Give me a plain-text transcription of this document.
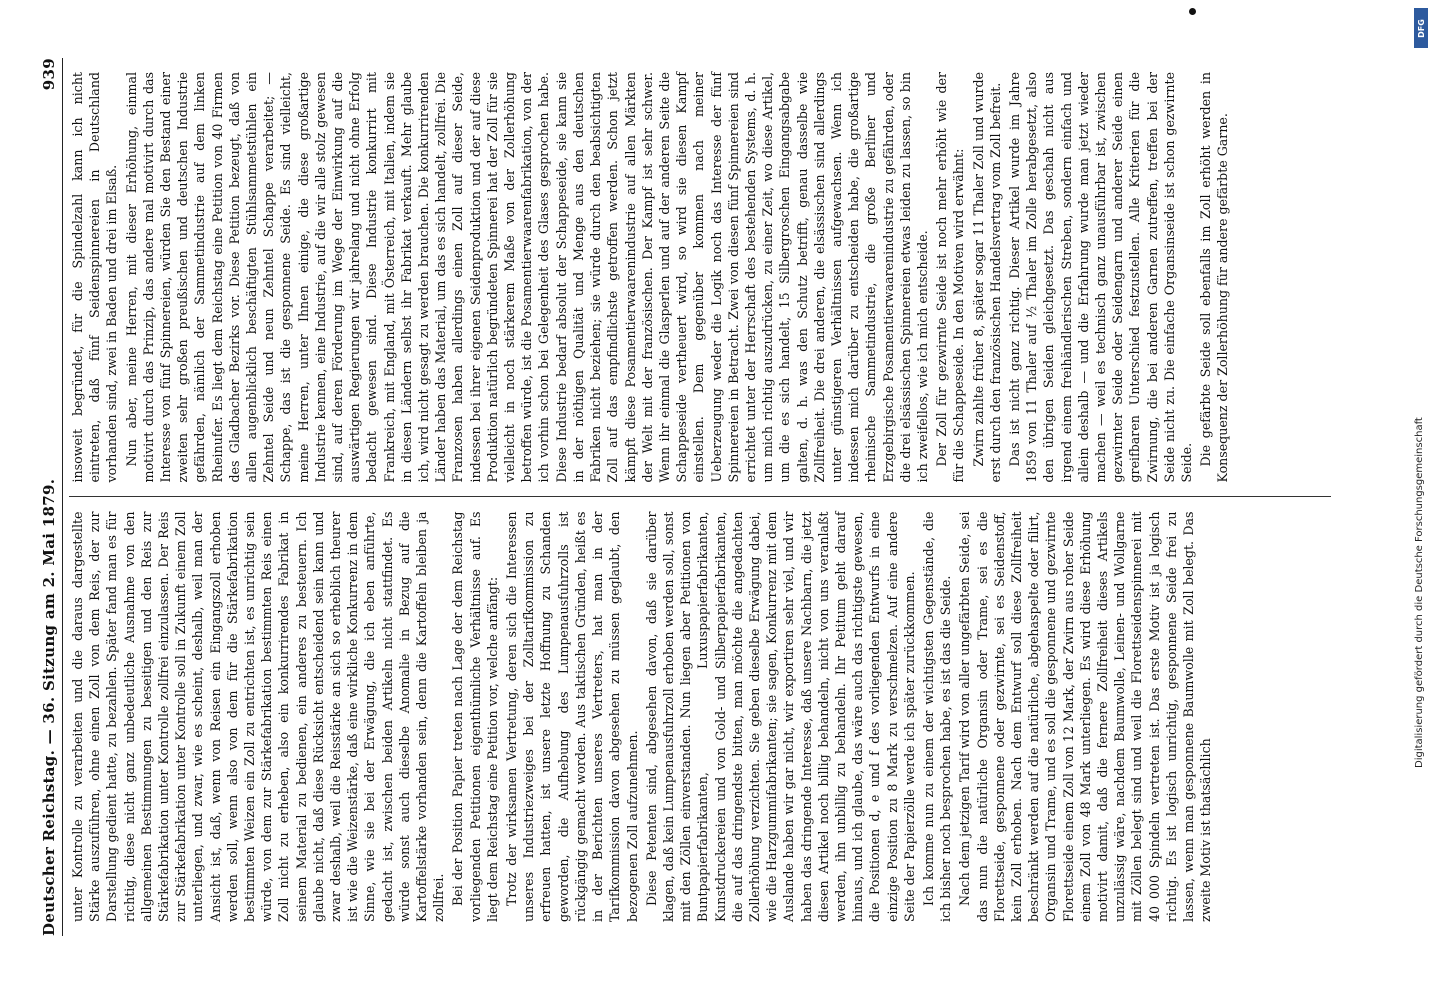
Deutscher Reichstag. — 36. Sitzung am 2. Mai 1879.
939

unter Kontrolle zu verarbeiten und die daraus dargestellte Stärke auszuführen, ohne einen Zoll von dem Reis, der zur Darstellung gedient hatte, zu bezahlen. Später fand man es für richtig, diese nicht ganz unbedeutliche Ausnahme von den allgemeinen Bestimmungen zu beseitigen und den Reis zur Stärkefabrikation unter Kontrolle zollfrei einzulassen. Der Reis zur Stärkefabrikation unter Kontrolle soll in Zukunft einem Zoll unterliegen, und zwar, wie es scheint, deshalb, weil man der Ansicht ist, daß, wenn von Reisen ein Eingangszoll erhoben werden soll, wenn also von dem für die Stärkefabrikation bestimmten Weizen ein Zoll zu entrichten ist, es unrichtig sein würde, von dem zur Stärkefabrikation bestimmten Reis einen Zoll nicht zu erheben, also ein konkurrirendes Fabrikat in seinem Material zu bedienen, ein anderes zu besteuern. Ich glaube nicht, daß diese Rücksicht entscheidend sein kann und zwar deshalb, weil die Reisstärke an sich so erheblich theurer ist wie die Weizenstärke, daß eine wirkliche Konkurrenz in dem Sinne, wie sie bei der Erwägung, die ich eben anführte, gedacht ist, zwischen beiden Artikeln nicht stattfindet. Es würde sonst auch dieselbe Anomalie in Bezug auf die Kartoffelstärke vorhanden sein, denn die Kartoffeln bleiben ja zollfrei. Bei der Position Papier treten nach Lage der dem Reichstag vorliegenden Petitionen eigenthümliche Verhältnisse auf. Es liegt dem Reichstag eine Petition vor, welche anfängt: Trotz der wirksamen Vertretung, deren sich die Interessen unseres Industriezweiges bei der Zolltarifkommission zu erfreuen hatten, ist unsere letzte Hoffnung zu Schanden geworden, die Aufhebung des Lumpenausfuhrzolls ist rückgängig gemacht worden. Aus taktischen Gründen, heißt es in der Berichten unseres Vertreters, hat man in der Tarifkommission davon abgesehen zu müssen geglaubt, den bezogenen Zoll aufzunehmen. Diese Petenten sind, abgesehen davon, daß sie darüber klagen, daß kein Lumpenausfuhrzoll erhoben werden soll, sonst mit den Zöllen einverstanden. Nun liegen aber Petitionen von Buntpapierfabrikanten, Luxuspapierfabrikanten, Kunstdruckereien und von Gold- und Silberpapierfabrikanten, die auf das dringendste bitten, man möchte die angedachten Zollerhöhung verzichten. Sie geben dieselbe Erwägung dabei, wie die Harzgummifabrikanten; sie sagen, Konkurrenz mit dem Auslande haben wir gar nicht, wir exportiren sehr viel, und wir haben das dringende Interesse, daß unsere Nachbarn, die jetzt diesen Artikel noch billig behandeln, nicht von uns veranlaßt werden, ihn unbillig zu behandeln. Ihr Petitum geht darauf hinaus, und ich glaube, das wäre auch das richtigste gewesen, die Positionen d, e und f des vorliegenden Entwurfs in eine einzige Position zu 8 Mark zu verschmelzen. Auf eine andere Seite der Papierzölle werde ich später zurückkommen. Ich komme nun zu einem der wichtigsten Gegenstände, die ich bisher noch besprochen habe, es ist das die Seide. Nach dem jetzigen Tarif wird von aller ungefärbten Seide, sei das nun die natürliche Organsin oder Trame, sei es die Florettseide, gesponnene oder gezwirnte, sei es Seidenstoff, kein Zoll erhoben. Nach dem Entwurf soll diese Zollfreiheit beschränkt werden auf die natürliche, abgehaspelte oder filirt, Organsin und Trame, und es soll die gesponnene und gezwirnte Florettseide einem Zoll von 12 Mark, der Zwirn aus roher Seide einem Zoll von 48 Mark unterliegen. Es wird diese Erhöhung motivirt damit, daß die fernere Zollfreiheit dieses Artikels unzulässig wäre, nachdem Baumwolle, Leinen- und Wollgarne mit Zöllen belegt sind und weil die Florettseidenspinnerei mit 40 000 Spindeln vertreten ist. Das erste Motiv ist ja logisch richtig. Es ist logisch unrichtig, gesponnene Seide frei zu lassen, wenn man gesponnene Baumwolle mit Zoll belegt. Das zweite Motiv ist thatsächlich

insoweit begründet, für die Spindelzahl kann ich nicht eintreten, daß fünf Seidenspinnereien in Deutschland vorhanden sind, zwei in Baden und drei im Elsaß. Nun aber, meine Herren, mit dieser Erhöhung, einmal motivirt durch das Prinzip, das andere mal motivirt durch das Interesse von fünf Spinnereien, würden Sie den Bestand einer zweiten sehr großen preußischen und deutschen Industrie gefährden, nämlich der Sammetindustrie auf dem linken Rheinufer. Es liegt dem Reichstag eine Petition von 40 Firmen des Gladbacher Bezirks vor. Diese Petition bezeugt, daß von allen augenblicklich beschäftigten Stühlsammetstühlen ein Zehntel Seide und neun Zehntel Schappe verarbeitet; — Schappe, das ist die gesponnene Seide. Es sind vielleicht, meine Herren, unter Ihnen einige, die diese großartige Industrie kennen, eine Industrie, auf die wir alle stolz gewesen sind, auf deren Förderung im Wege der Einwirkung auf die auswärtigen Regierungen wir jahrelang und nicht ohne Erfolg bedacht gewesen sind. Diese Industrie konkurrirt mit Frankreich, mit England, mit Österreich, mit Italien, indem sie in diesen Ländern selbst ihr Fabrikat verkauft. Mehr glaube ich, wird nicht gesagt zu werden brauchen. Die konkurrirenden Länder haben das Material, um das es sich handelt, zollfrei. Die Franzosen haben allerdings einen Zoll auf dieser Seide, indessen bei ihrer eigenen Seidenproduktion und der auf diese Produktion natürlich begründeten Spinnerei hat der Zoll für sie vielleicht in noch stärkerem Maße von der Zollerhöhung betroffen würde, ist die Posamentierwaarenfabrikation, von der ich vorhin schon bei Gelegenheit des Glases gesprochen habe. Diese Industrie bedarf absolut der Schappeseide, sie kann sie in der nöthigen Qualität und Menge aus den deutschen Fabriken nicht beziehen; sie würde durch den beabsichtigten Zoll auf das empfindlichste getroffen werden. Schon jetzt kämpft diese Posamentierwaarenindustrie auf allen Märkten der Welt mit der französischen. Der Kampf ist sehr schwer. Wenn ihr einmal die Glasperlen und auf der anderen Seite die Schappeseide vertheuert wird, so wird sie diesen Kampf einstellen. Dem gegenüber kommen nach meiner Ueberzeugung weder die Logik noch das Interesse der fünf Spinnereien in Betracht. Zwei von diesen fünf Spinnereien sind errichtet unter der Herrschaft des bestehenden Systems, d. h. um mich richtig auszudrücken, zu einer Zeit, wo diese Artikel, um die es sich handelt, 15 Silbergroschen Eingangsabgabe galten, d. h. was den Schutz betrifft, genau dasselbe wie Zollfreiheit. Die drei anderen, die elsässischen sind allerdings unter günstigeren Verhältnissen aufgewachsen. Wenn ich indessen mich darüber zu entscheiden habe, die großartige rheinische Sammetindustrie, die große Berliner und Erzgebirgische Posamentierwaarenindustrie zu gefährden, oder die drei elsässischen Spinnereien etwas leiden zu lassen, so bin ich zweifellos, wie ich mich entscheide. Der Zoll für gezwirnte Seide ist noch mehr erhöht wie der für die Schappeseide. In den Motiven wird erwähnt: Zwirn zahlte früher 8, später sogar 11 Thaler Zoll und wurde erst durch den französischen Handelsvertrag vom Zoll befreit. Das ist nicht ganz richtig. Dieser Artikel wurde im Jahre 1859 von 11 Thaler auf ½ Thaler im Zolle herabgesetzt, also den übrigen Seiden gleichgesetzt. Das geschah nicht aus irgend einem freihändlerischen Streben, sondern einfach und allein deshalb — und die Erfahrung wurde man jetzt wieder machen — weil es technisch ganz unausführbar ist, zwischen gezwirnter Seide oder Seidengarn und anderer Seide einen greifbaren Unterschied festzustellen. Alle Kriterien für die Zwirnung, die bei anderen Garnen zutreffen, treffen bei der Seide nicht zu. Die einfache Organsinseide ist schon gezwirnte Seide. Die gefärbte Seide soll ebenfalls im Zoll erhöht werden in Konsequenz der Zollerhöhung für andere gefärbte Garne.

DFG
Digitalisierung gefördert durch die Deutsche Forschungsgemeinschaft
